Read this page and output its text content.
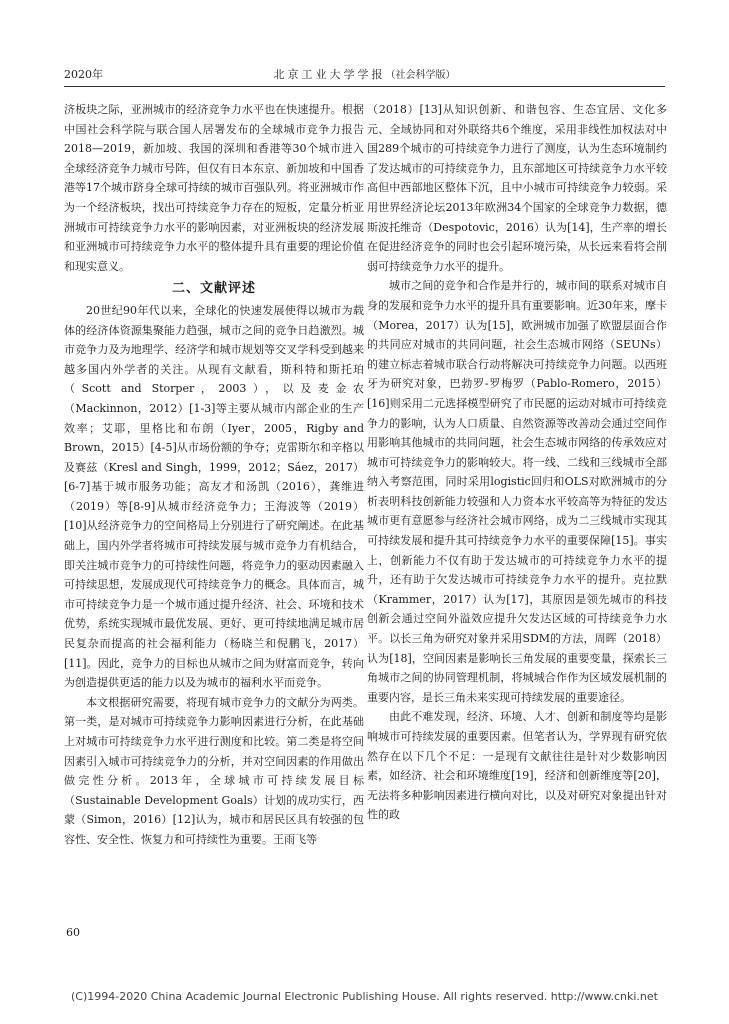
2020年	北京工业大学学报（社会科学版）

济板块之际，亚洲城市的经济竞争力水平也在快速提升。根据中国社会科学院与联合国人居署发布的全球城市竞争力报告2018—2019，新加坡、我国的深圳和香港等30个城市进入全球经济竞争力城市号阵，但仅有日本东京、新加坡和中国香港等17个城市跻身全球可持续的城市百强队列。将亚洲城市作为一个经济板块，找出可持续竞争力存在的短板，定量分析亚洲城市可持续竞争力水平的影响因素，对亚洲板块的经济发展和亚洲城市可持续竞争力水平的整体提升具有重要的理论价值和现实意义。

二、文献评述

20世纪90年代以来，全球化的快速发展使得以城市为载体的经济体资源集聚能力趋强，城市之间的竞争日趋激烈。城市竞争力及为地理学、经济学和城市规划等交叉学科受到越来越多国内外学者的关注。从现有文献看，斯科特和斯托珀（Scott and Storper，2003），以及麦金农（Mackinnon，2012）[1-3]等主要从城市内部企业的生产效率；艾耶，里格比和布朗（Iyer，2005，Rigby and Brown，2015）[4-5]从市场份额的争夺；克雷斯尔和辛格以及赛兹（Kresl and Singh，1999，2012；Sáez，2017）[6-7]基于城市服务功能；高友才和汤凯（2016），龚维进（2019）等[8-9]从城市经济竞争力；王海波等（2019）[10]从经济竞争力的空间格局上分别进行了研究阐述。在此基础上，国内外学者将城市可持续发展与城市竞争力有机结合，即关注城市竞争力的可持续性问题，将竞争力的驱动因素融入可持续思想，发展成现代可持续竞争力的概念。具体而言，城市可持续竞争力是一个城市通过提升经济、社会、环境和技术优势，系统实现城市最优发展、更好、更可持续地满足城市居民复杂而提高的社会福利能力（杨晓兰和倪鹏飞，2017）[11]。因此，竞争力的目标也从城市之间为财富而竞争，转向为创造提供更适的能力以及为城市的福利水平而竞争。

本文根据研究需要，将现有城市竞争力的文献分为两类。第一类，是对城市可持续竞争力影响因素进行分析，在此基础上对城市可持续竞争力水平进行测度和比较。第二类是将空间因素引入城市可持续竞争力的分析，并对空间因素的作用做出做完性分析。2013年，全球城市可持续发展目标（Sustainable Development Goals）计划的成功实行，西蒙（Simon，2016）[12]认为，城市和居民区具有较强的包容性、安全性、恢复力和可持续性为重要。王雨飞等

（2018）[13]从知识创新、和谐包容、生态宜居、文化多元、全域协同和对外联络共6个维度，采用非线性加权法对中国289个城市的可持续竞争力进行了测度，认为生态环境制约了发达城市的可持续竞争力，且东部地区可持续竞争力水平较高但中西部地区整体下沉，且中小城市可持续竞争力较弱。采用世界经济论坛2013年欧洲34个国家的全球竞争力数据，德斯波托维奇（Despotovic，2016）认为[14]，生产率的增长在促进经济竞争的同时也会引起环境污染，从长远来看将会削弱可持续竞争力水平的提升。

城市之间的竞争和合作是并行的，城市间的联系对城市自身的发展和竞争力水平的提升具有重要影响。近30年来，摩卡（Morea，2017）认为[15]，欧洲城市加强了欧盟层面合作的共同应对城市的共同问题，社会生态城市网络（SEUNs）的建立标志着城市联合行动将解决可持续竞争力问题。以西班牙为研究对象，巴勃罗-罗梅罗（Pablo-Romero，2015）[16]则采用二元选择模型研究了市民愿的运动对城市可持续竞争力的影响，认为人口质量、自然资源等改善动会通过空间作用影响其他城市的共同问题，社会生态城市网络的传承效应对城市可持续竞争力的影响较大。将一线、二线和三线城市全部纳入考察范围，同时采用logistic回归和OLS对欧洲城市的分析表明科技创新能力较强和人力资本水平较高等为特征的发达城市更有意愿参与经济社会城市网络，成为二三线城市实现其可持续发展和提升其可持续竞争力水平的重要保障[15]。事实上，创新能力不仅有助于发达城市的可持续竞争力水平的提升，还有助于欠发达城市可持续竞争力水平的提升。克拉默（Krammer，2017）认为[17]，其原因是领先城市的科技创新会通过空间外溢效应提升欠发达区域的可持续竞争力水平。以长三角为研究对象并采用SDM的方法，周晖（2018）认为[18]，空间因素是影响长三角发展的重要变量，探索长三角城市之间的协同管理机制，将城城合作作为区域发展机制的重要内容，是长三角未来实现可持续发展的重要途径。

由此不难发现，经济、环境、人才、创新和制度等均是影响城市可持续发展的重要因素。但笔者认为，学界现有研究依然存在以下几个不足：一是现有文献往往是针对少数影响因素，如经济、社会和环境维度[19]，经济和创新维度等[20]，无法将多种影响因素进行横向对比，以及对研究对象提出针对性的政

60
(C)1994-2020 China Academic Journal Electronic Publishing House. All rights reserved. http://www.cnki.net
